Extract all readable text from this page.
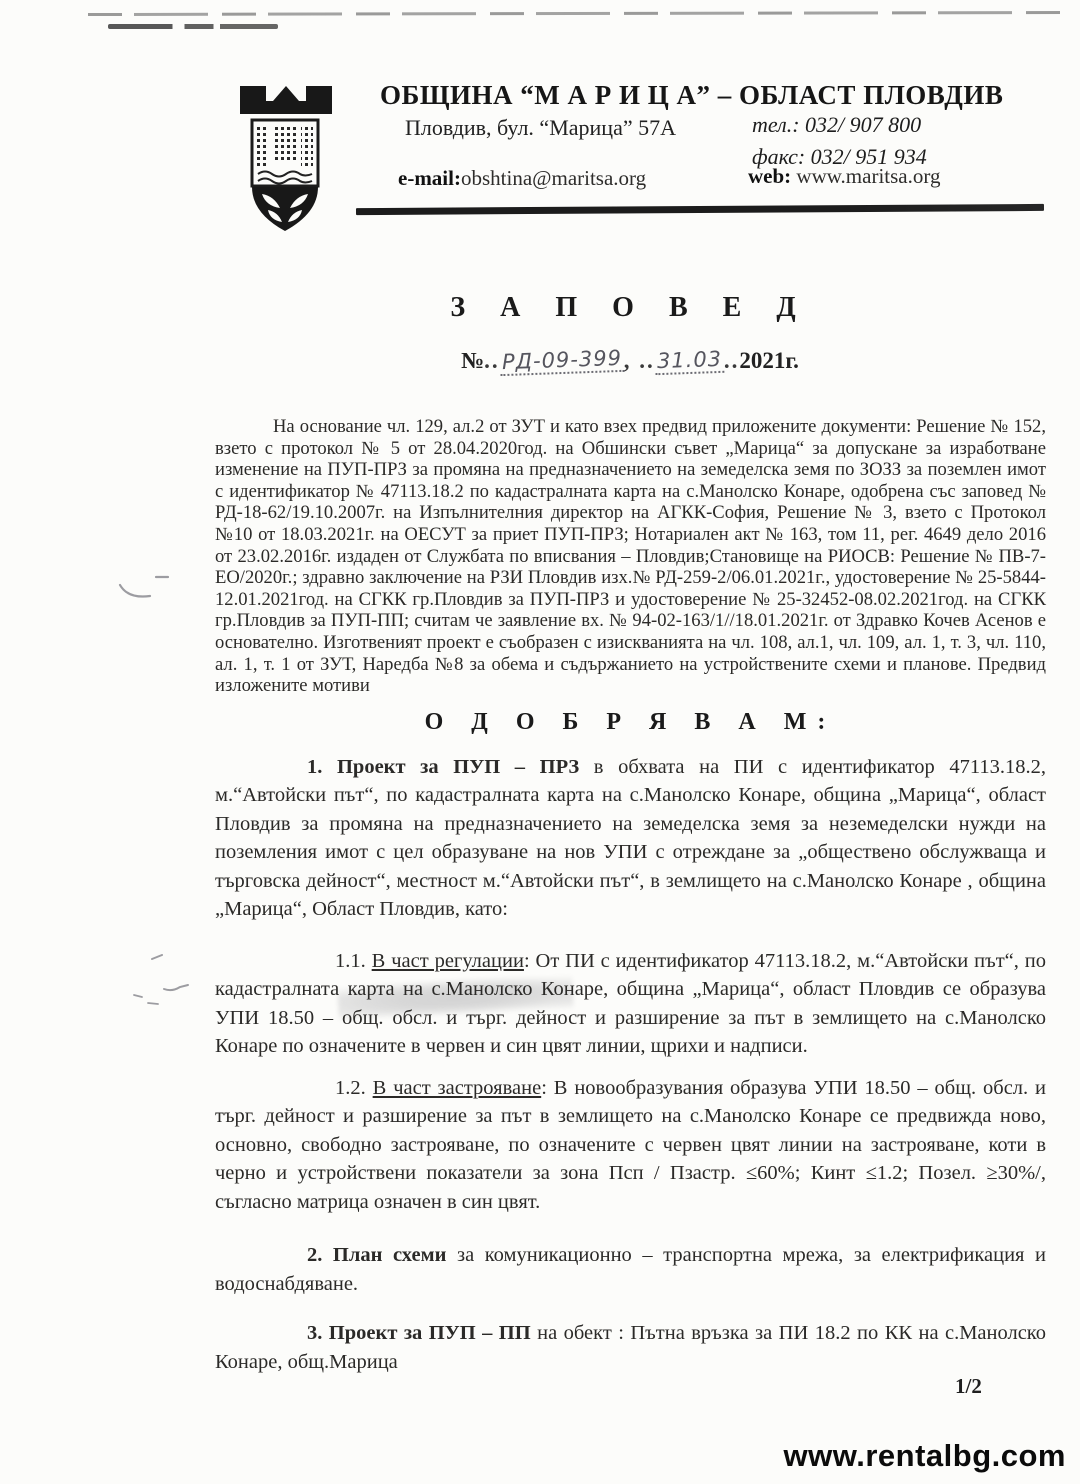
ОБЩИНА “М А Р И Ц А” – ОБЛАСТ ПЛОВДИВ
Пловдив, бул. “Марица” 57А	тел.: 032/ 907 800
факс: 032/ 951 934
e-mail:obshtina@maritsa.org	web: www.maritsa.org
З А П О В Е Д
№..РД-09-399, ..31.03..2021г.
На основание чл. 129, ал.2 от ЗУТ и като взех предвид приложените документи: Решение № 152, взето с протокол № 5 от 28.04.2020год. на Обшински съвет „Марица“ за допускане за изработване изменение на ПУП-ПРЗ за промяна на предназначението на земеделска земя по ЗОЗЗ за поземлен имот с идентификатор № 47113.18.2 по кадастралната карта на с.Манолско Конаре, одобрена със заповед № РД-18-62/19.10.2007г. на Изпълнителния директор на АГКК-София, Решение № 3, взето с Протокол №10 от 18.03.2021г. на ОЕСУТ за приет ПУП-ПРЗ; Нотариален акт № 163, том 11, рег. 4649 дело 2016 от 23.02.2016г. издаден от Службата по вписвания – Пловдив;Становище на РИОСВ: Решение № ПВ-7-ЕО/2020г.; здравно заключение на РЗИ Пловдив изх.№ РД-259-2/06.01.2021г., удостоверение № 25-5844-12.01.2021год. на СГКК гр.Пловдив за ПУП-ПРЗ и удостоверение № 25-32452-08.02.2021год. на СГКК гр.Пловдив за ПУП-ПП; считам че заявление вх. № 94-02-163/1//18.01.2021г. от Здравко Кочев Асенов е основателно. Изготвеният проект е съобразен с изискванията на чл. 108, ал.1, чл. 109, ал. 1, т. 3, чл. 110, ал. 1, т. 1 от ЗУТ, Наредба №8 за обема и съдържанието на устройствените схеми и планове. Предвид изложените мотиви
О Д О Б Р Я В А М:
1. Проект за ПУП – ПРЗ в обхвата на ПИ с идентификатор 47113.18.2, м.“Автойски път“, по кадастралната карта на с.Манолско Конаре, община „Марица“, област Пловдив за промяна на предназначението на земеделска земя за неземеделски нужди на поземления имот с цел образуване на нов УПИ с отреждане за „обществено обслужваща и търговска дейност“, местност м.“Автойски път“, в землището на с.Манолско Конаре , община „Марица“, Област Пловдив, като:
1.1. В част регулации: От ПИ с идентификатор 47113.18.2, м.“Автойски път“, по кадастралната карта на с.Манолско Конаре, община „Марица“, област Пловдив се образува УПИ 18.50 – общ. обсл. и търг. дейност и разширение за път в землището на с.Манолско Конаре по означените в червен и син цвят линии, щрихи и надписи.
1.2. В част застрояване: В новообразувания образува УПИ 18.50 – общ. обсл. и търг. дейност и разширение за път в землището на с.Манолско Конаре се предвижда ново, основно, свободно застрояване, по означените с червен цвят линии на застрояване, коти в черно и устройствени показатели за зона Псп / Пзастр. ≤60%; Кинт ≤1.2; Позел. ≥30%/, съгласно матрица означен в син цвят.
2. План схеми за комуникационно – транспортна мрежа, за електрификация и водоснабдяване.
3. Проект за ПУП – ПП на обект : Пътна връзка за ПИ 18.2 по КК на с.Манолско Конаре, общ.Марица
1/2
www.rentalbg.com
